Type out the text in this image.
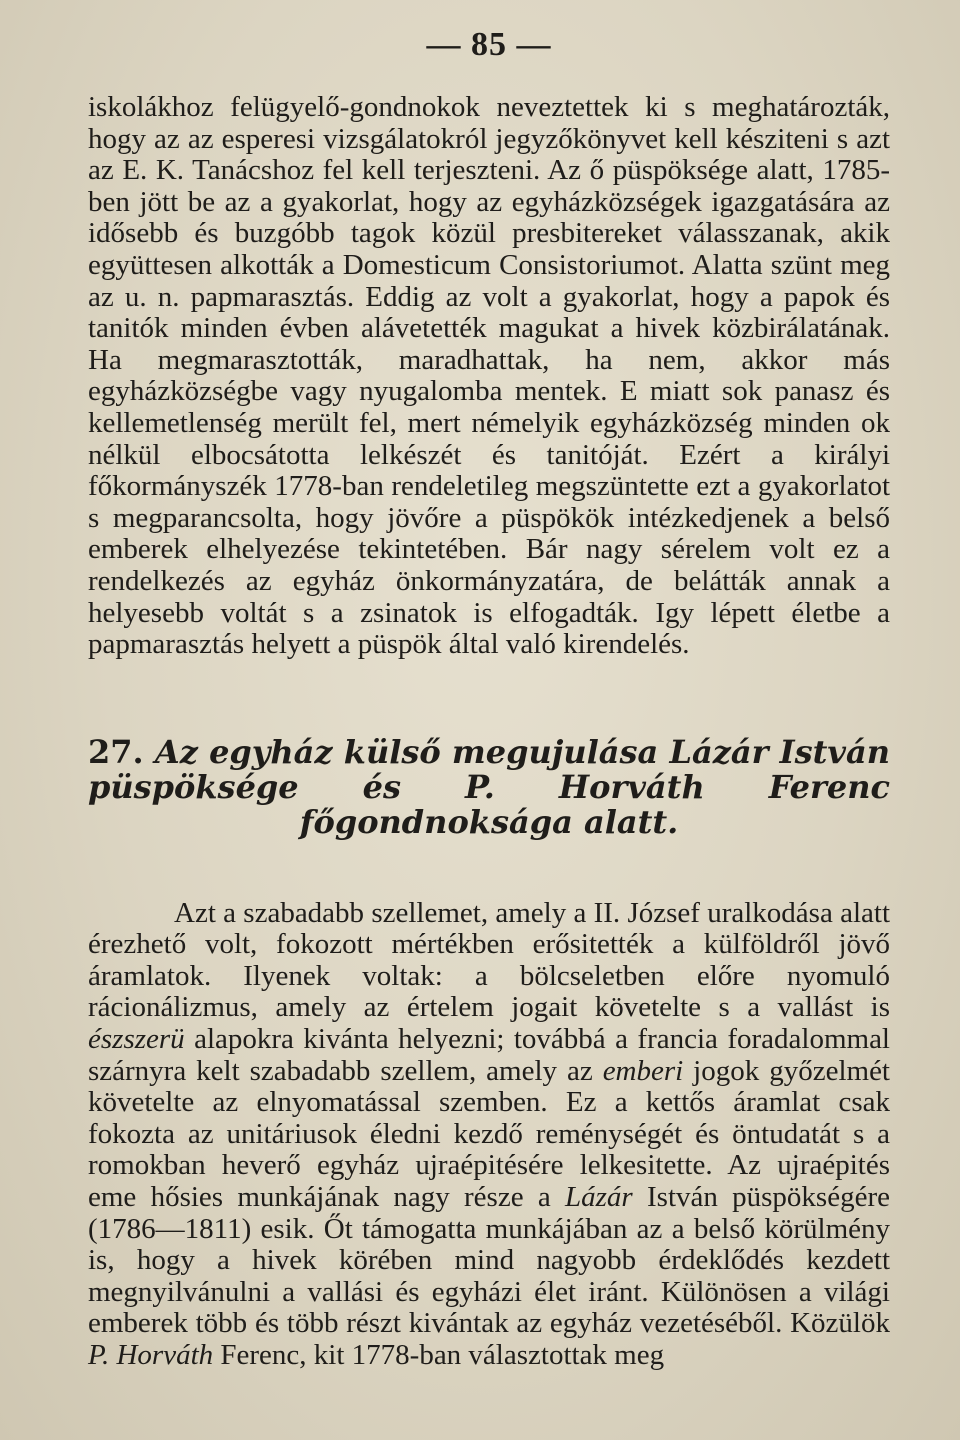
— 85 —

iskolákhoz felügyelő-gondnokok neveztettek ki s meghatározták, hogy az az esperesi vizsgálatokról jegyzőkönyvet kell késziteni s azt az E. K. Tanácshoz fel kell terjeszteni. Az ő püspöksége alatt, 1785-ben jött be az a gyakorlat, hogy az egyházközségek igazgatására az idősebb és buzgóbb tagok közül presbitereket válasszanak, akik együttesen alkották a Domesticum Consistoriumot. Alatta szünt meg az u. n. papmarasztás. Eddig az volt a gyakorlat, hogy a papok és tanitók minden évben alávetették magukat a hivek közbirálatának. Ha megmarasztották, maradhattak, ha nem, akkor más egyházközségbe vagy nyugalomba mentek. E miatt sok panasz és kellemetlenség merült fel, mert némelyik egyházközség minden ok nélkül elbocsátotta lelkészét és tanitóját. Ezért a királyi főkormányszék 1778-ban rendeletileg megszüntette ezt a gyakorlatot s megparancsolta, hogy jövőre a püspökök intézkedjenek a belső emberek elhelyezése tekintetében. Bár nagy sérelem volt ez a rendelkezés az egyház önkormányzatára, de belátták annak a helyesebb voltát s a zsinatok is elfogadták. Igy lépett életbe a papmarasztás helyett a püspök által való kirendelés.

27. Az egyház külső megujulása Lázár István püspöksége és P. Horváth Ferenc főgondnoksága alatt.

Azt a szabadabb szellemet, amely a II. József uralkodása alatt érezhető volt, fokozott mértékben erősitették a külföldről jövő áramlatok. Ilyenek voltak: a bölcseletben előre nyomuló rácionálizmus, amely az értelem jogait követelte s a vallást is észszerü alapokra kivánta helyezni; továbbá a francia foradalommal szárnyra kelt szabadabb szellem, amely az emberi jogok győzelmét követelte az elnyomatással szemben. Ez a kettős áramlat csak fokozta az unitáriusok éledni kezdő reménységét és öntudatát s a romokban heverő egyház ujraépitésére lelkesitette. Az ujraépités eme hősies munkájának nagy része a Lázár István püspökségére (1786—1811) esik. Őt támogatta munkájában az a belső körülmény is, hogy a hivek körében mind nagyobb érdeklődés kezdett megnyilvánulni a vallási és egyházi élet iránt. Különösen a világi emberek több és több részt kivántak az egyház vezetéséből. Közülök P. Horváth Ferenc, kit 1778-ban választottak meg
